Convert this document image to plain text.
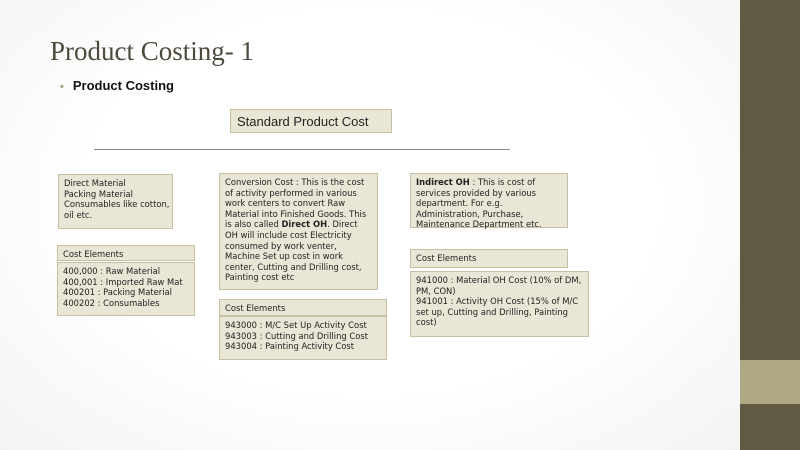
Product Costing- 1
• Product Costing
Standard Product Cost
Direct Material
Packing Material
Consumables like cotton,
oil etc.
Cost Elements
400,000 : Raw Material
400,001 : Imported Raw Mat
400201 : Packing Material
400202 : Consumables
Conversion Cost : This is the cost of activity performed in various work centers to convert Raw Material into Finished Goods. This is also called Direct OH. Direct OH will include cost Electricity consumed by work venter, Machine Set up cost in work center, Cutting and Drilling cost, Painting cost etc
Cost Elements
943000 : M/C Set Up Activity Cost
943003 : Cutting and Drilling Cost
943004 : Painting Activity Cost
Indirect OH : This is cost of services provided by various department. For e.g. Administration, Purchase, Maintenance Department etc.
Cost Elements
941000 : Material OH Cost (10% of DM, PM, CON)
941001 : Activity OH Cost (15% of M/C set up, Cutting and Drilling, Painting cost)
